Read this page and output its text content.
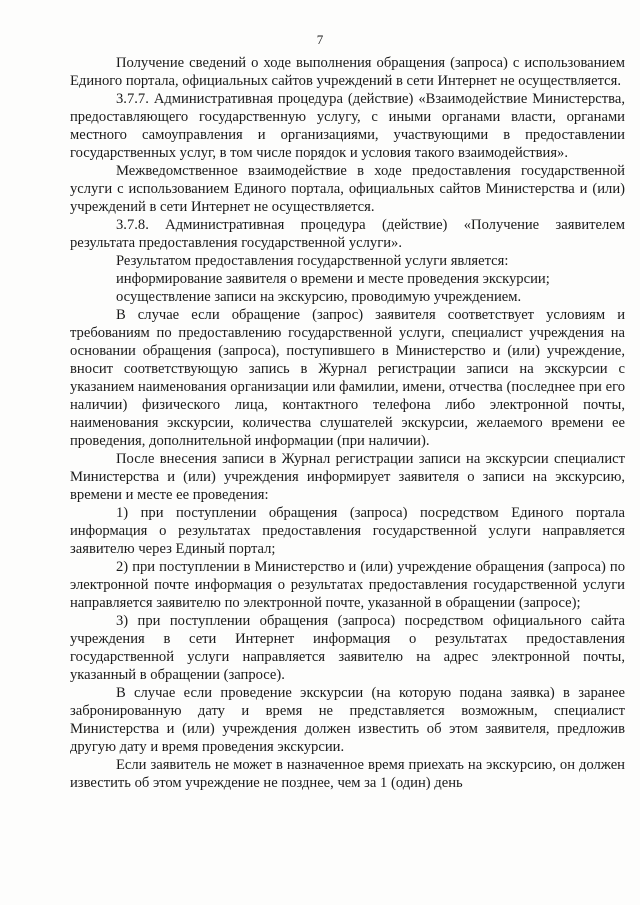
7

Получение сведений о ходе выполнения обращения (запроса) с использованием Единого портала, официальных сайтов учреждений в сети Интернет не осуществляется.

3.7.7. Административная процедура (действие) «Взаимодействие Министерства, предоставляющего государственную услугу, с иными органами власти, органами местного самоуправления и организациями, участвующими в предоставлении государственных услуг, в том числе порядок и условия такого взаимодействия».

Межведомственное взаимодействие в ходе предоставления государственной услуги с использованием Единого портала, официальных сайтов Министерства и (или) учреждений в сети Интернет не осуществляется.

3.7.8. Административная процедура (действие) «Получение заявителем результата предоставления государственной услуги».

Результатом предоставления государственной услуги является:

информирование заявителя о времени и месте проведения экскурсии;

осуществление записи на экскурсию, проводимую учреждением.

В случае если обращение (запрос) заявителя соответствует условиям и требованиям по предоставлению государственной услуги, специалист учреждения на основании обращения (запроса), поступившего в Министерство и (или) учреждение, вносит соответствующую запись в Журнал регистрации записи на экскурсии с указанием наименования организации или фамилии, имени, отчества (последнее при его наличии) физического лица, контактного телефона либо электронной почты, наименования экскурсии, количества слушателей экскурсии, желаемого времени ее проведения, дополнительной информации (при наличии).

После внесения записи в Журнал регистрации записи на экскурсии специалист Министерства и (или) учреждения информирует заявителя о записи на экскурсию, времени и месте ее проведения:

1) при поступлении обращения (запроса) посредством Единого портала информация о результатах предоставления государственной услуги направляется заявителю через Единый портал;

2) при поступлении в Министерство и (или) учреждение обращения (запроса) по электронной почте информация о результатах предоставления государственной услуги направляется заявителю по электронной почте, указанной в обращении (запросе);

3) при поступлении обращения (запроса) посредством официального сайта учреждения в сети Интернет информация о результатах предоставления государственной услуги направляется заявителю на адрес электронной почты, указанный в обращении (запросе).

В случае если проведение экскурсии (на которую подана заявка) в заранее забронированную дату и время не представляется возможным, специалист Министерства и (или) учреждения должен известить об этом заявителя, предложив другую дату и время проведения экскурсии.

Если заявитель не может в назначенное время приехать на экскурсию, он должен известить об этом учреждение не позднее, чем за 1 (один) день
